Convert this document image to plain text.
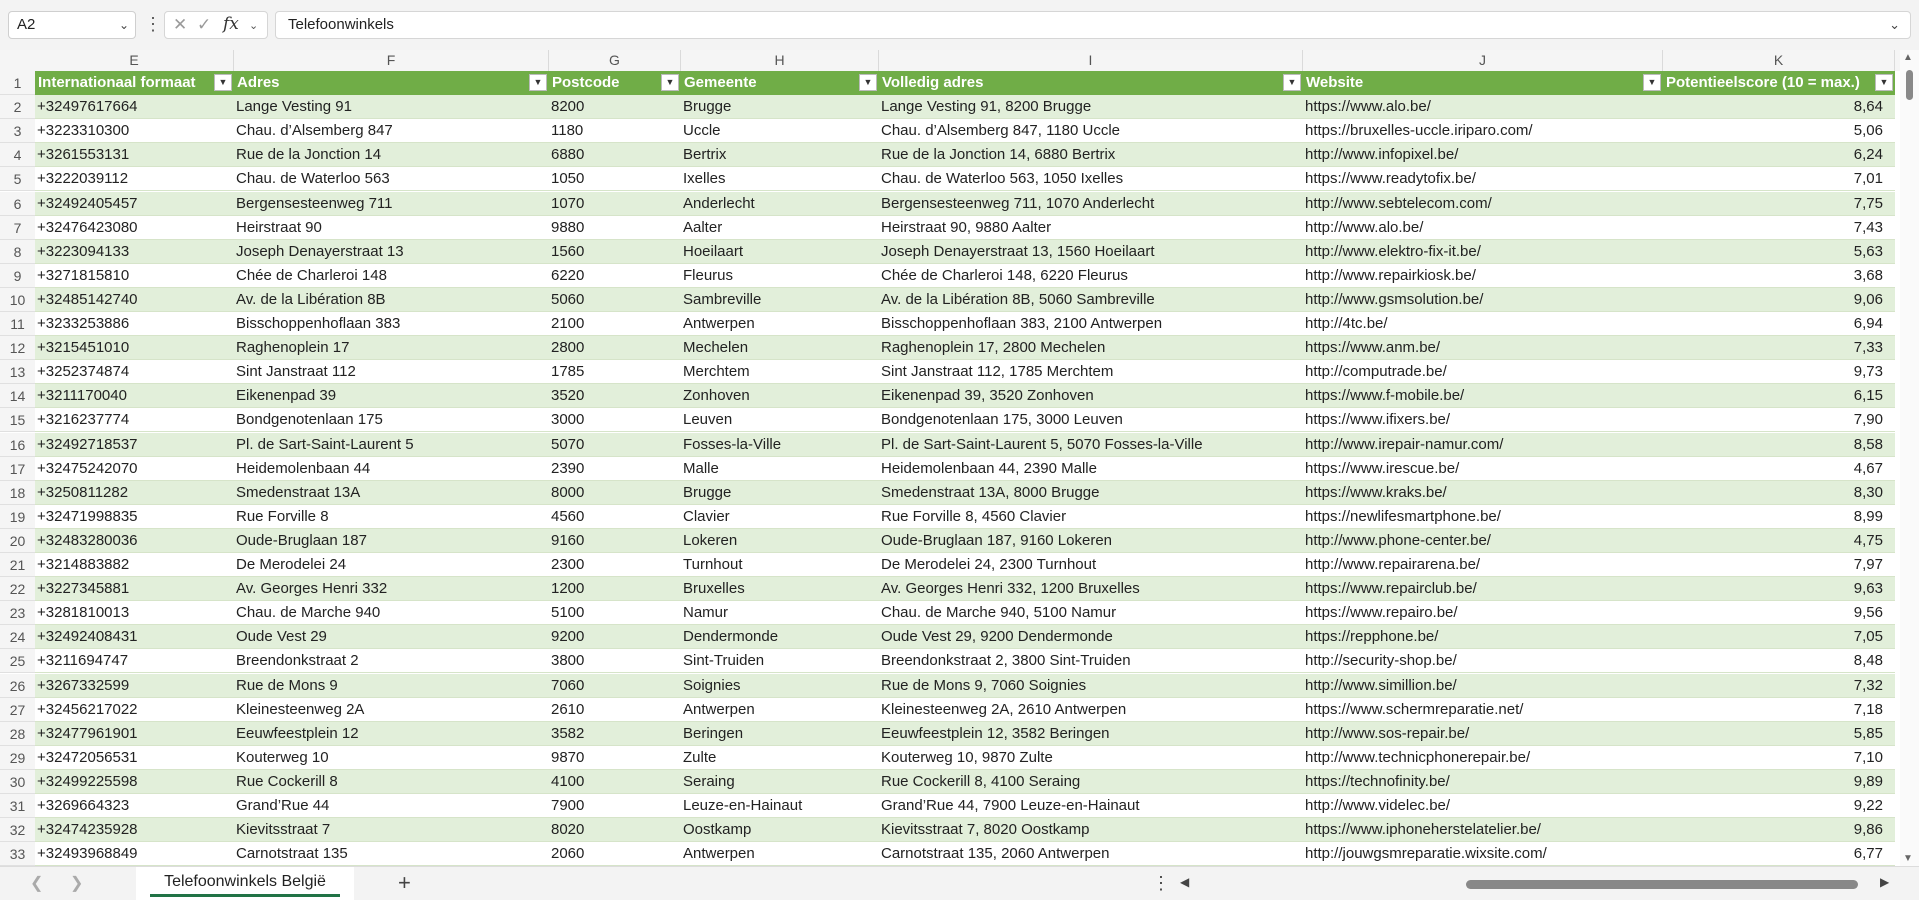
A2	⌄ ⋮ ✕ ✓ fx ⌄	Telefoonwinkels	⌄
E	F	G	H	I	J	K
1	Internationaal formaat	▼ Adres	▼ Postcode	▼ Gemeente	▼ Volledig adres	▼ Website	▼ Potentieelscore (10 = max.)	▼
2	+32497617664	Lange Vesting 91	8200	Brugge	Lange Vesting 91, 8200 Brugge	https://www.alo.be/	8,64
3	+3223310300	Chau. d’Alsemberg 847	1180	Uccle	Chau. d’Alsemberg 847, 1180 Uccle	https://bruxelles-uccle.iriparo.com/	5,06
4	+3261553131	Rue de la Jonction 14	6880	Bertrix	Rue de la Jonction 14, 6880 Bertrix	http://www.infopixel.be/	6,24
5	+3222039112	Chau. de Waterloo 563	1050	Ixelles	Chau. de Waterloo 563, 1050 Ixelles	https://www.readytofix.be/	7,01
6	+32492405457	Bergensesteenweg 711	1070	Anderlecht	Bergensesteenweg 711, 1070 Anderlecht	http://www.sebtelecom.com/	7,75
7	+32476423080	Heirstraat 90	9880	Aalter	Heirstraat 90, 9880 Aalter	http://www.alo.be/	7,43
8	+3223094133	Joseph Denayerstraat 13	1560	Hoeilaart	Joseph Denayerstraat 13, 1560 Hoeilaart	http://www.elektro-fix-it.be/	5,63
9	+3271815810	Chée de Charleroi 148	6220	Fleurus	Chée de Charleroi 148, 6220 Fleurus	http://www.repairkiosk.be/	3,68
10 +32485142740	Av. de la Libération 8B	5060	Sambreville	Av. de la Libération 8B, 5060 Sambreville	http://www.gsmsolution.be/	9,06
11 +3233253886	Bisschoppenhoflaan 383	2100	Antwerpen	Bisschoppenhoflaan 383, 2100 Antwerpen	http://4tc.be/	6,94
12 +3215451010	Raghenoplein 17	2800	Mechelen	Raghenoplein 17, 2800 Mechelen	https://www.anm.be/	7,33
13 +3252374874	Sint Janstraat 112	1785	Merchtem	Sint Janstraat 112, 1785 Merchtem	http://computrade.be/	9,73
14 +3211170040	Eikenenpad 39	3520	Zonhoven	Eikenenpad 39, 3520 Zonhoven	https://www.f-mobile.be/	6,15
15 +3216237774	Bondgenotenlaan 175	3000	Leuven	Bondgenotenlaan 175, 3000 Leuven	https://www.ifixers.be/	7,90
16 +32492718537	Pl. de Sart-Saint-Laurent 5	5070	Fosses-la-Ville	Pl. de Sart-Saint-Laurent 5, 5070 Fosses-la-Ville	http://www.irepair-namur.com/	8,58
17 +32475242070	Heidemolenbaan 44	2390	Malle	Heidemolenbaan 44, 2390 Malle	https://www.irescue.be/	4,67
18 +3250811282	Smedenstraat 13A	8000	Brugge	Smedenstraat 13A, 8000 Brugge	https://www.kraks.be/	8,30
19 +32471998835	Rue Forville 8	4560	Clavier	Rue Forville 8, 4560 Clavier	https://newlifesmartphone.be/	8,99
20 +32483280036	Oude-Bruglaan 187	9160	Lokeren	Oude-Bruglaan 187, 9160 Lokeren	http://www.phone-center.be/	4,75
21 +3214883882	De Merodelei 24	2300	Turnhout	De Merodelei 24, 2300 Turnhout	http://www.repairarena.be/	7,97
22 +3227345881	Av. Georges Henri 332	1200	Bruxelles	Av. Georges Henri 332, 1200 Bruxelles	https://www.repairclub.be/	9,63
23 +3281810013	Chau. de Marche 940	5100	Namur	Chau. de Marche 940, 5100 Namur	https://www.repairo.be/	9,56
24 +32492408431	Oude Vest 29	9200	Dendermonde	Oude Vest 29, 9200 Dendermonde	https://repphone.be/	7,05
25 +3211694747	Breendonkstraat 2	3800	Sint-Truiden	Breendonkstraat 2, 3800 Sint-Truiden	http://security-shop.be/	8,48
26 +3267332599	Rue de Mons 9	7060	Soignies	Rue de Mons 9, 7060 Soignies	http://www.simillion.be/	7,32
27 +32456217022	Kleinesteenweg 2A	2610	Antwerpen	Kleinesteenweg 2A, 2610 Antwerpen	https://www.schermreparatie.net/	7,18
28 +32477961901	Eeuwfeestplein 12	3582	Beringen	Eeuwfeestplein 12, 3582 Beringen	http://www.sos-repair.be/	5,85
29 +32472056531	Kouterweg 10	9870	Zulte	Kouterweg 10, 9870 Zulte	http://www.technicphonerepair.be/	7,10
30 +32499225598	Rue Cockerill 8	4100	Seraing	Rue Cockerill 8, 4100 Seraing	https://technofinity.be/	9,89
31 +3269664323	Grand’Rue 44	7900	Leuze-en-Hainaut	Grand’Rue 44, 7900 Leuze-en-Hainaut	http://www.videlec.be/	9,22
32 +32474235928	Kievitsstraat 7	8020	Oostkamp	Kievitsstraat 7, 8020 Oostkamp	https://www.iphoneherstelatelier.be/	9,86
33 +32493968849	Carnotstraat 135	2060	Antwerpen	Carnotstraat 135, 2060 Antwerpen	http://jouwgsmreparatie.wixsite.com/	6,77
▲
▼
❮ ❯	Telefoonwinkels België	+	⋮ ◀	▶
